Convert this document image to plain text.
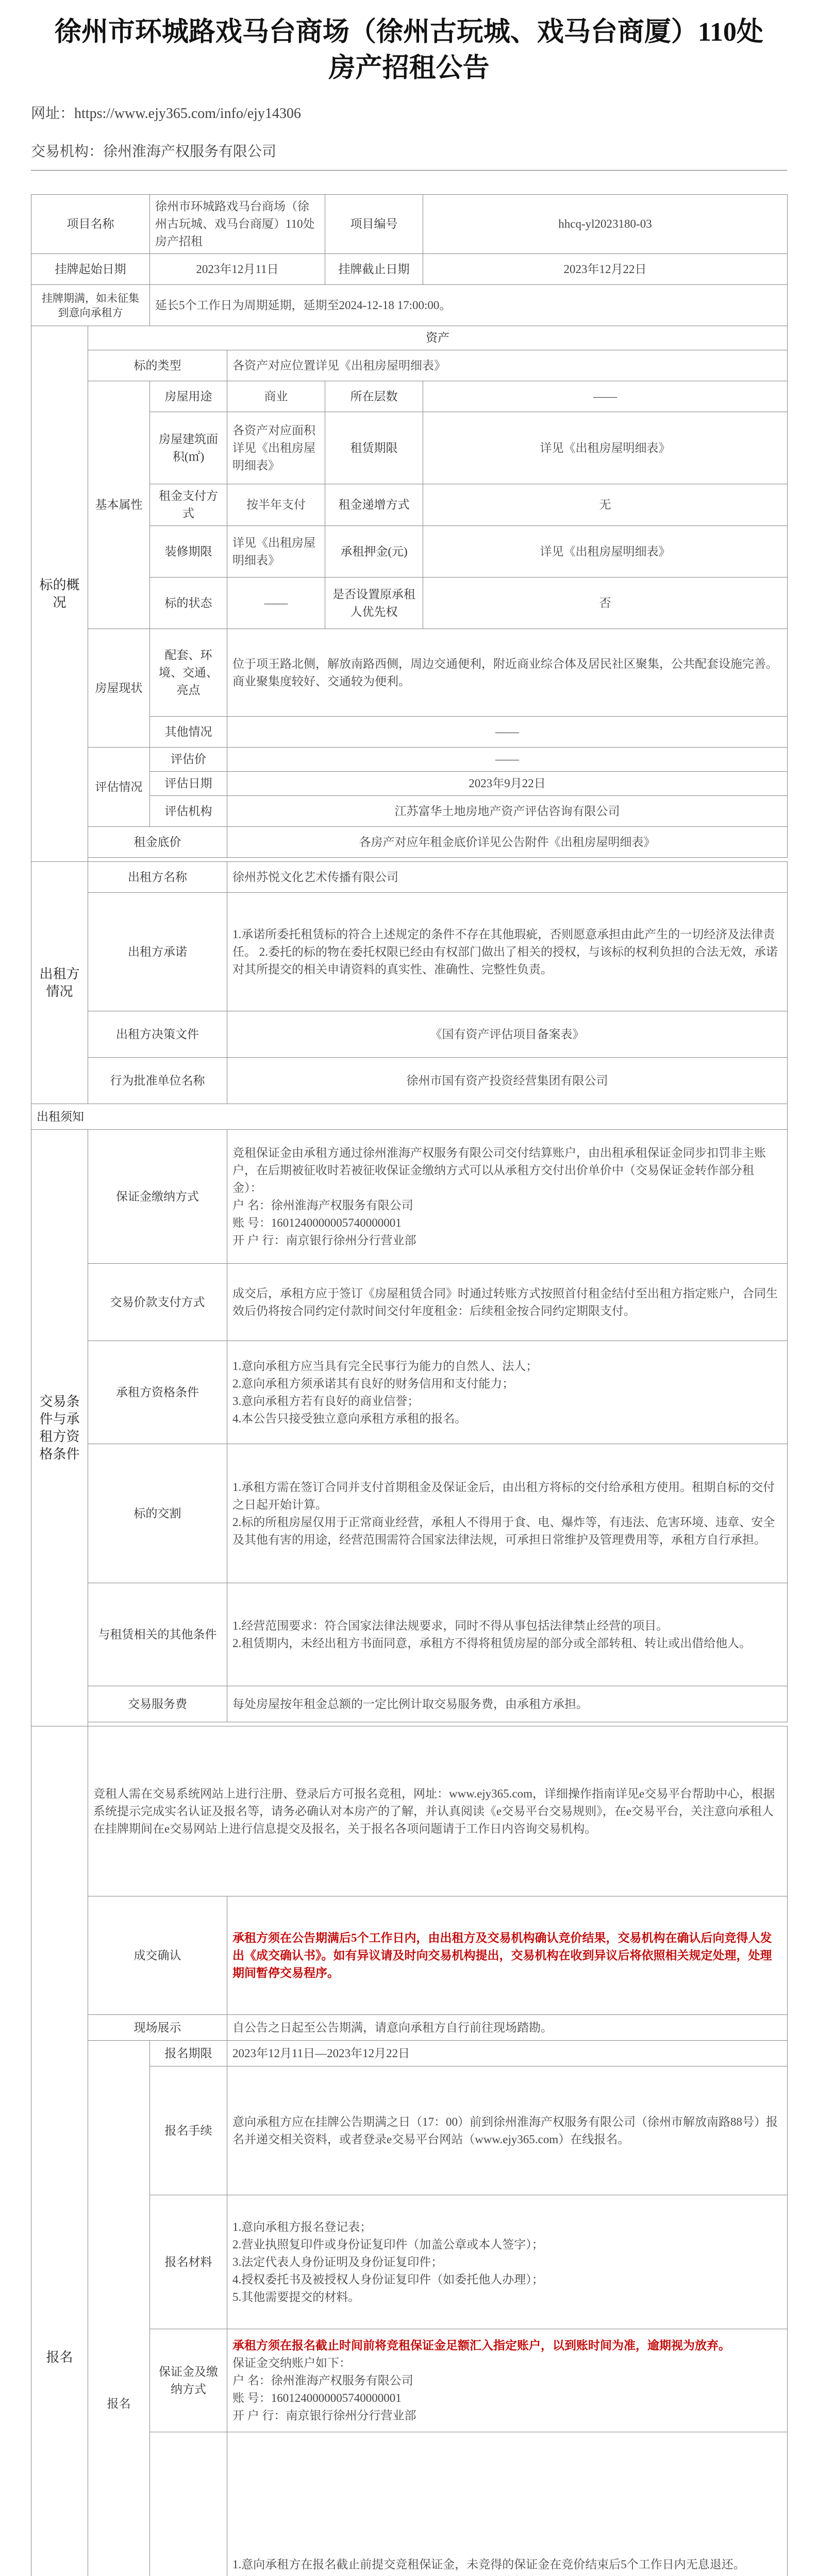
徐州市环城路戏马台商场（徐州古玩城、戏马台商厦）110处房产招租公告
网址：https://www.ejy365.com/info/ejy14306
交易机构：徐州淮海产权服务有限公司
项目名称		徐州市环城路戏马台商场（徐州古玩城、戏马台商厦）110处房产招租		项目编号	hhcq-yl2023180-03
挂牌起始日期		2023年12月11日		挂牌截止日期	2023年12月22日
挂牌期满，如未征集到意向承租方		延长5个工作日为周期延期，延期至2024-12-18 17:00:00。			
标的概况	资产				
	标的类型		各资产对应位置详见《出租房屋明细表》		
	基本属性	房屋用途	商业	所在层数	——
		房屋建筑面积(㎡)	各资产对应面积详见《出租房屋明细表》	租赁期限	详见《出租房屋明细表》
		租金支付方式	按半年支付	租金递增方式	无
		装修期限	详见《出租房屋明细表》	承租押金(元)	详见《出租房屋明细表》
		标的状态	——	是否设置原承租人优先权	否
	房屋现状	配套、环境、交通、亮点	位于项王路北侧，解放南路西侧，周边交通便利，附近商业综合体及居民社区聚集，公共配套设施完善。商业聚集度较好、交通较为便利。		
		其他情况	——		
	评估情况	评估价	——		
		评估日期	2023年9月22日		
		评估机构	江苏富华土地房地产资产评估咨询有限公司		
	租金底价		各房产对应年租金底价详见公告附件《出租房屋明细表》		

出租方情况	出租方名称		徐州苏悦文化艺术传播有限公司		
	出租方承诺		1.承诺所委托租赁标的符合上述规定的条件不存在其他瑕疵，否则愿意承担由此产生的一切经济及法律责任。 2.委托的标的物在委托权限已经由有权部门做出了相关的授权，与该标的权利负担的合法无效，承诺对其所提交的相关申请资料的真实性、准确性、完整性负责。		
	出租方决策文件		《国有资产评估项目备案表》		
	行为批准单位名称		徐州市国有资产投资经营集团有限公司		
出租须知					
交易条件与承租方资格条件	保证金缴纳方式		竞租保证金由承租方通过徐州淮海产权服务有限公司交付结算账户，由出租承租保证金同步扣罚非主账户，在后期被征收时若被征收保证金缴纳方式可以从承租方交付出价单价中（交易保证金转作部分租金）：
户 名：徐州淮海产权服务有限公司
账 号：1601240000005740000001
开 户 行：南京银行徐州分行营业部		

	交易价款支付方式		成交后，承租方应于签订《房屋租赁合同》时通过转账方式按照首付租金结付至出租方指定账户，合同生效后仍将按合同约定付款时间交付年度租金：后续租金按合同约定期限支付。		
	承租方资格条件		1.意向承租方应当具有完全民事行为能力的自然人、法人；
2.意向承租方须承诺其有良好的财务信用和支付能力；
3.意向承租方若有良好的商业信誉；
4.本公告只接受独立意向承租方承租的报名。		
	标的交割		1.承租方需在签订合同并支付首期租金及保证金后，由出租方将标的交付给承租方使用。租期自标的交付之日起开始计算。
2.标的所租房屋仅用于正常商业经营，承租人不得用于食、电、爆炸等，有违法、危害环境、违章、安全及其他有害的用途，经营范围需符合国家法律法规，可承担日常维护及管理费用等，承租方自行承担。		
	与租赁相关的其他条件		1.经营范围要求：符合国家法律法规要求，同时不得从事包括法律禁止经营的项目。
2.租赁期内，未经出租方书面同意，承租方不得将租赁房屋的部分或全部转租、转让或出借给他人。		
	交易服务费		每处房屋按年租金总额的一定比例计取交易服务费，由承租方承担。		

报名	竞租人需在交易系统网站上进行注册、登录后方可报名竞租，网址：www.ejy365.com，详细操作指南详见e交易平台帮助中心，根据系统提示完成实名认证及报名等，请务必确认对本房产的了解，并认真阅读《e交易平台交易规则》，在e交易平台，关注意向承租人在挂牌期间在e交易网站上进行信息提交及报名，关于报名各项问题请于工作日内咨询交易机构。				
	成交确认		承租方须在公告期满后5个工作日内，由出租方及交易机构确认竞价结果，交易机构在确认后向竞得人发出《成交确认书》。如有异议请及时向交易机构提出，交易机构在收到异议后将依照相关规定处理，处理期间暂停交易程序。		
	现场展示		自公告之日起至公告期满，请意向承租方自行前往现场踏勘。		
	报名	报名期限	2023年12月11日—2023年12月22日		
		报名手续	意向承租方应在挂牌公告期满之日（17：00）前到徐州淮海产权服务有限公司（徐州市解放南路88号）报名并递交相关资料，或者登录e交易平台网站（www.ejy365.com）在线报名。		
		报名材料	1.意向承租方报名登记表；
2.营业执照复印件或身份证复印件（加盖公章或本人签字）；
3.法定代表人身份证明及身份证复印件；
4.授权委托书及被授权人身份证复印件（如委托他人办理）；
5.其他需要提交的材料。		
		保证金及缴纳方式	承租方须在报名截止时间前将竞租保证金足额汇入指定账户，以到账时间为准，逾期视为放弃。
保证金交纳账户如下：
户 名：徐州淮海产权服务有限公司
账 号：1601240000005740000001
开 户 行：南京银行徐州分行营业部		

1.意向承租方在报名截止前提交竞租保证金，未竞得的保证金在竞价结束后5个工作日内无息退还。		
